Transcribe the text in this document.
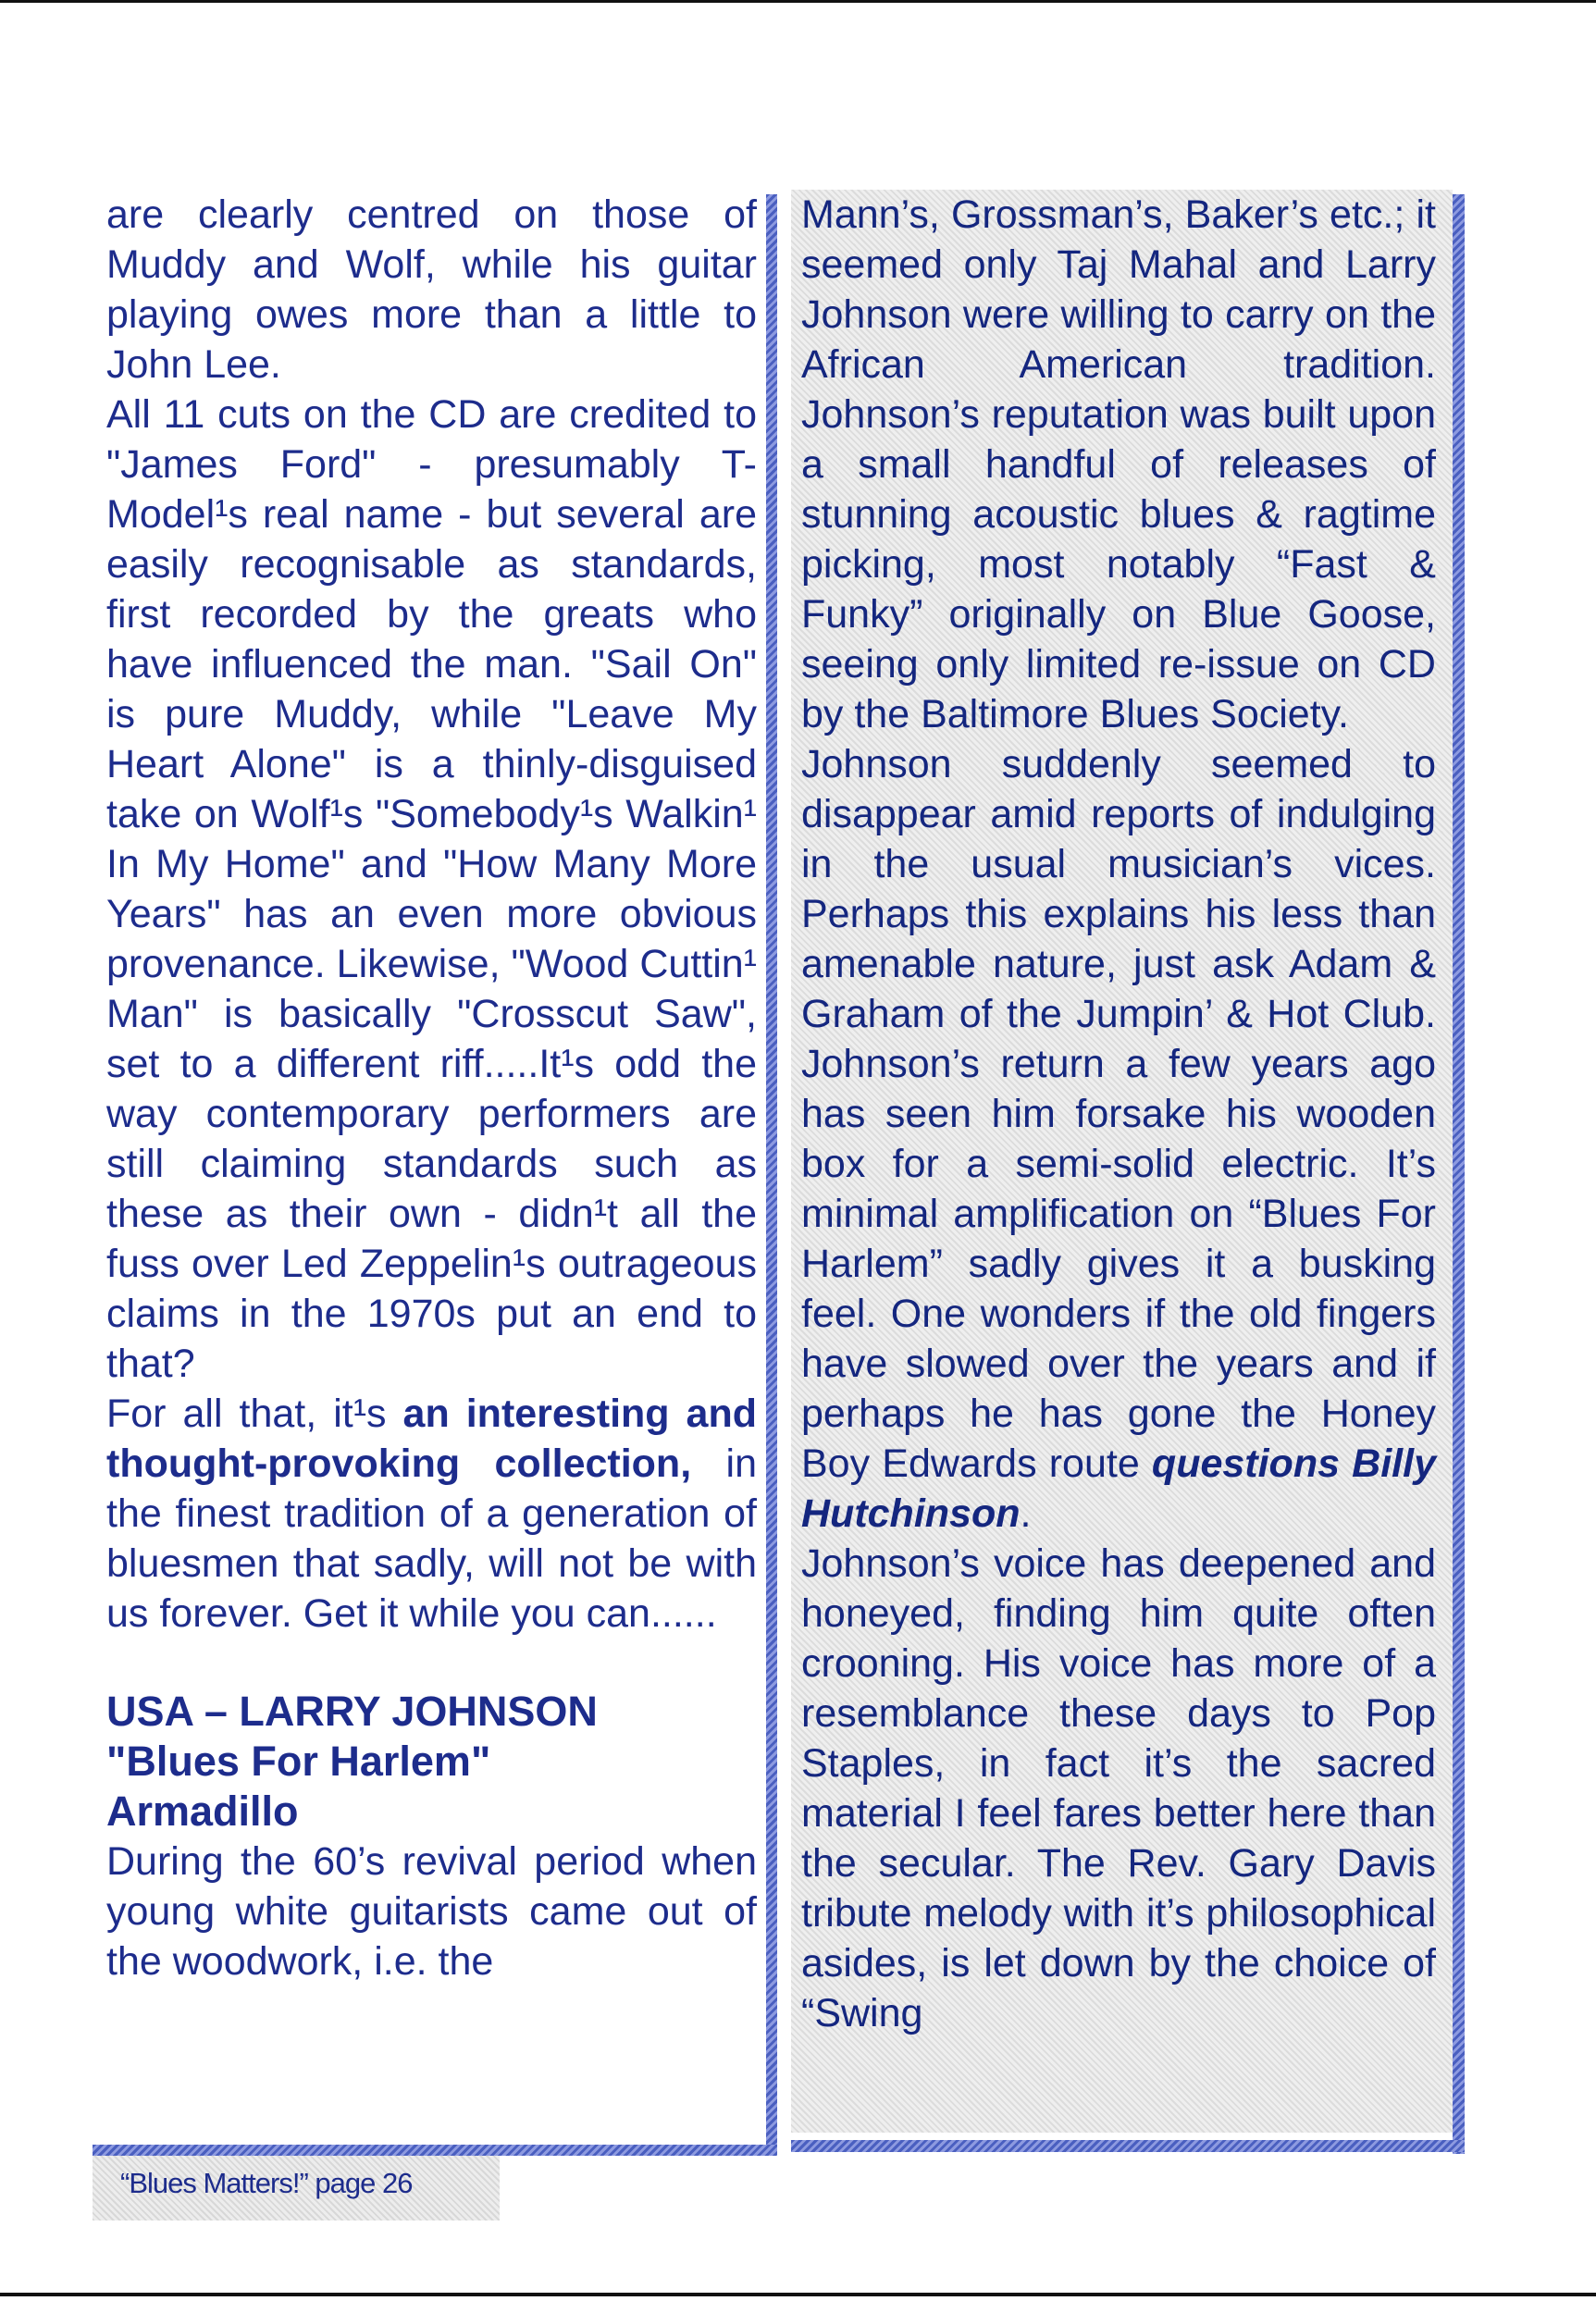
are clearly centred on those of Muddy and Wolf, while his guitar playing owes more than a little to John Lee.

All 11 cuts on the CD are credited to "James Ford" - presumably T-Model¹s real name - but several are easily recognisable as standards, first recorded by the greats who have influenced the man. "Sail On" is pure Muddy, while "Leave My Heart Alone" is a thinly-disguised take on Wolf¹s "Somebody¹s Walkin¹ In My Home" and "How Many More Years" has an even more obvious provenance. Likewise, "Wood Cuttin¹ Man" is basically "Crosscut Saw", set to a different riff.....It¹s odd the way contemporary performers are still claiming standards such as these as their own - didn¹t all the fuss over Led Zeppelin¹s outrageous claims in the 1970s put an end to that?

For all that, it¹s an interesting and thought-provoking collection, in the finest tradition of a generation of bluesmen that sadly, will not be with us forever. Get it while you can......

USA – LARRY JOHNSON
"Blues For Harlem"
Armadillo

During the 60’s revival period when young white guitarists came out of the woodwork, i.e. the

Mann’s, Grossman’s, Baker’s etc.; it seemed only Taj Mahal and Larry Johnson were willing to carry on the African American tradition. Johnson’s reputation was built upon a small handful of releases of stunning acoustic blues & ragtime picking, most notably “Fast & Funky” originally on Blue Goose, seeing only limited re-issue on CD by the Baltimore Blues Society.

Johnson suddenly seemed to disappear amid reports of indulging in the usual musician’s vices. Perhaps this explains his less than amenable nature, just ask Adam & Graham of the Jumpin’ & Hot Club. Johnson’s return a few years ago has seen him forsake his wooden box for a semi-solid electric. It’s minimal amplification on “Blues For Harlem” sadly gives it a busking feel. One wonders if the old fingers have slowed over the years and if perhaps he has gone the Honey Boy Edwards route questions Billy Hutchinson.

Johnson’s voice has deepened and honeyed, finding him quite often crooning. His voice has more of a resemblance these days to Pop Staples, in fact it’s the sacred material I feel fares better here than the secular. The Rev. Gary Davis tribute melody with it’s philosophical asides, is let down by the choice of “Swing

“Blues Matters!” page 26
